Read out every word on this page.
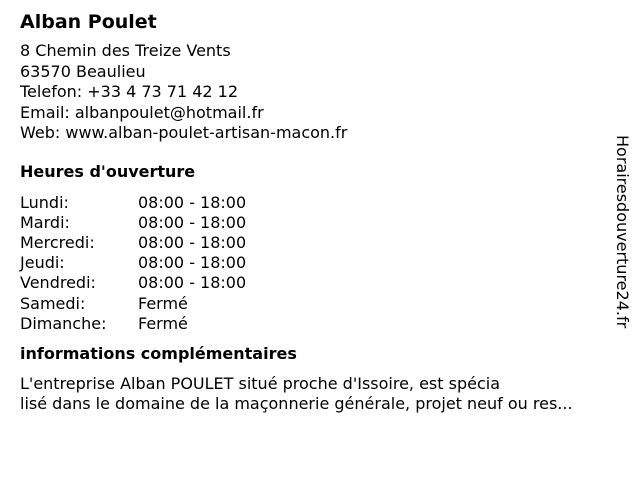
Alban Poulet
8 Chemin des Treize Vents
63570 Beaulieu
Telefon: +33 4 73 71 42 12
Email: albanpoulet@hotmail.fr
Web: www.alban-poulet-artisan-macon.fr
Heures d'ouverture
Lundi:	08:00 - 18:00
Mardi:	08:00 - 18:00
Mercredi:	08:00 - 18:00
Jeudi:	08:00 - 18:00
Vendredi:	08:00 - 18:00
Samedi:	Fermé
Dimanche:	Fermé
informations complémentaires
L'entreprise Alban POULET situé proche d'Issoire, est spécia
lisé dans le domaine de la maçonnerie générale, projet neuf ou res...
Horairesdouverture24.fr
